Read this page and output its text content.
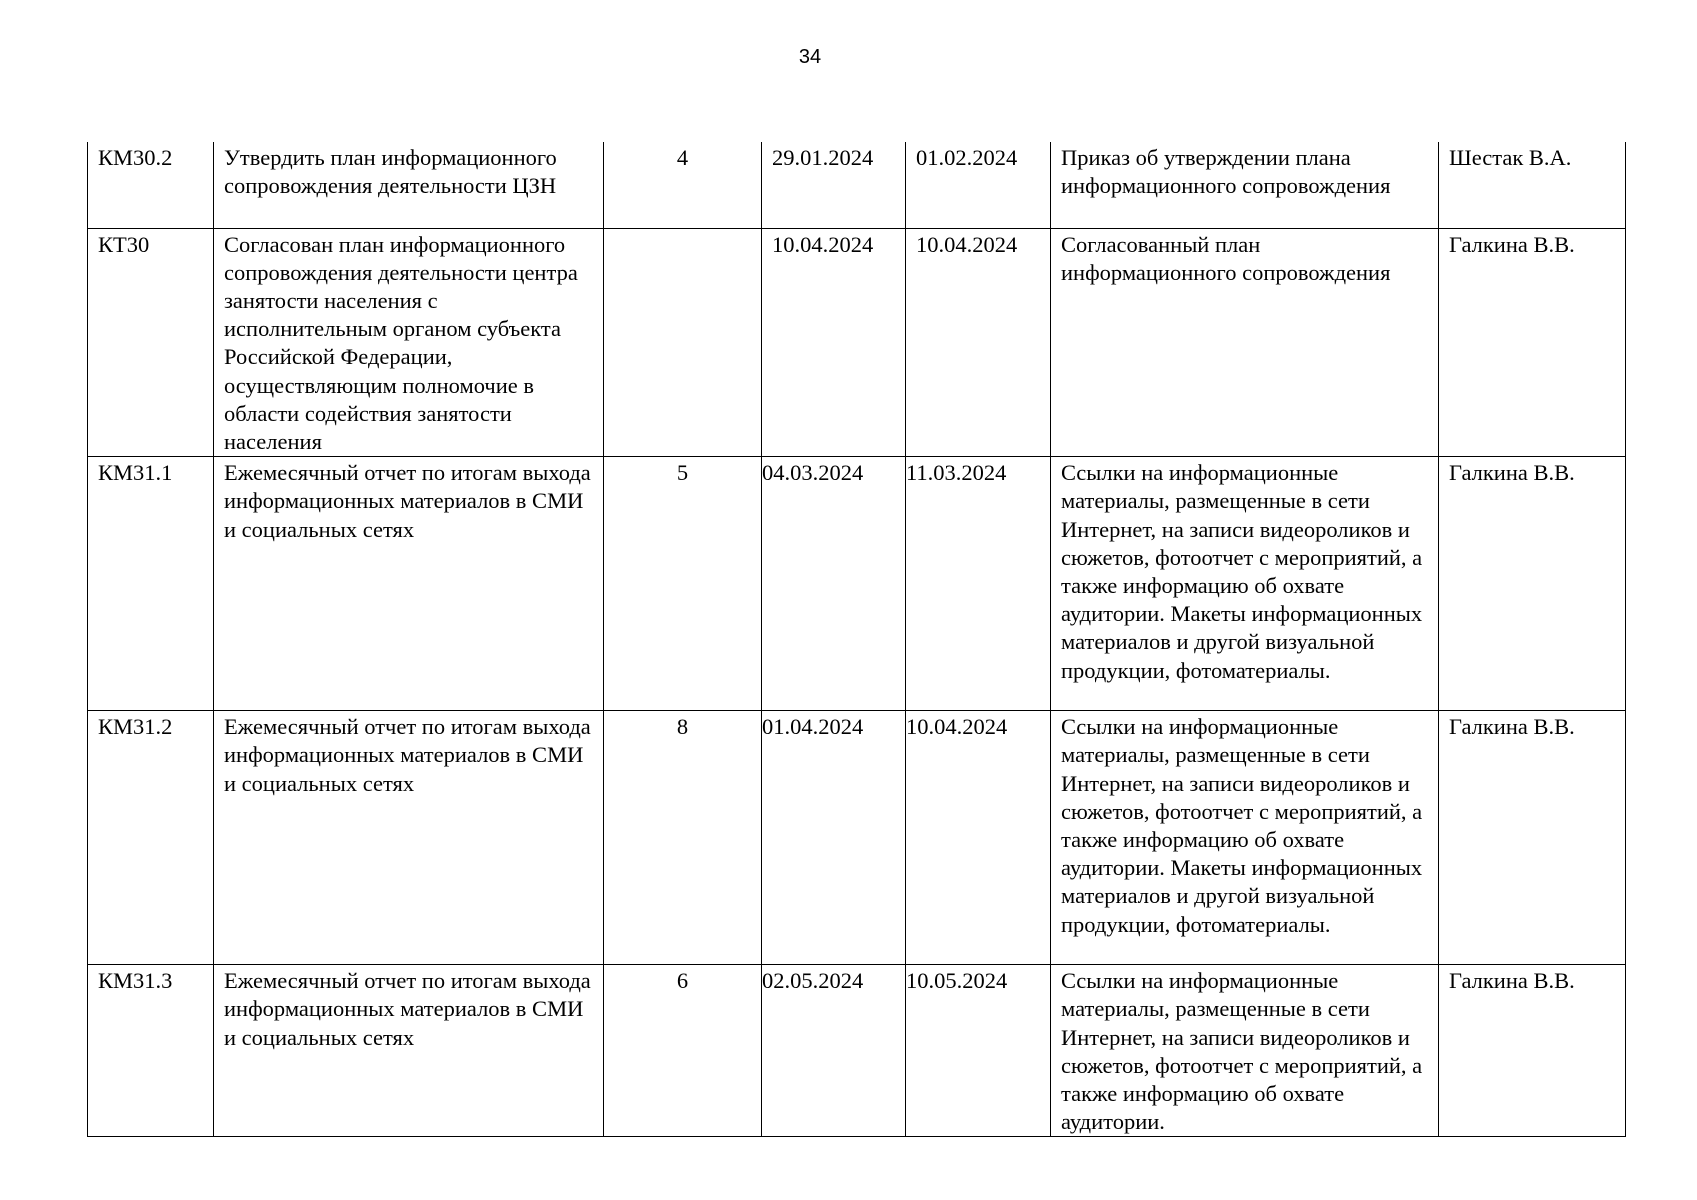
34
КМ30.2	Утвердить план информационного сопровождения деятельности ЦЗН	4	29.01.2024	01.02.2024	Приказ об утверждении плана информационного сопровождения	Шестак В.А.
КТ30	Согласован план информационного сопровождения деятельности центра занятости населения с исполнительным органом субъекта Российской Федерации, осуществляющим полномочие в области содействия занятости населения		10.04.2024	10.04.2024	Согласованный план информационного сопровождения	Галкина В.В.
КМ31.1	Ежемесячный отчет по итогам выхода информационных материалов в СМИ и социальных сетях	5	04.03.2024	11.03.2024	Ссылки на информационные материалы, размещенные в сети Интернет, на записи видеороликов и сюжетов, фотоотчет с мероприятий, а также информацию об охвате аудитории. Макеты информационных материалов и другой визуальной продукции, фотоматериалы.	Галкина В.В.
КМ31.2	Ежемесячный отчет по итогам выхода информационных материалов в СМИ и социальных сетях	8	01.04.2024	10.04.2024	Ссылки на информационные материалы, размещенные в сети Интернет, на записи видеороликов и сюжетов, фотоотчет с мероприятий, а также информацию об охвате аудитории. Макеты информационных материалов и другой визуальной продукции, фотоматериалы.	Галкина В.В.
КМ31.3	Ежемесячный отчет по итогам выхода информационных материалов в СМИ и социальных сетях	6	02.05.2024	10.05.2024	Ссылки на информационные материалы, размещенные в сети Интернет, на записи видеороликов и сюжетов, фотоотчет с мероприятий, а также информацию об охвате аудитории.	Галкина В.В.
